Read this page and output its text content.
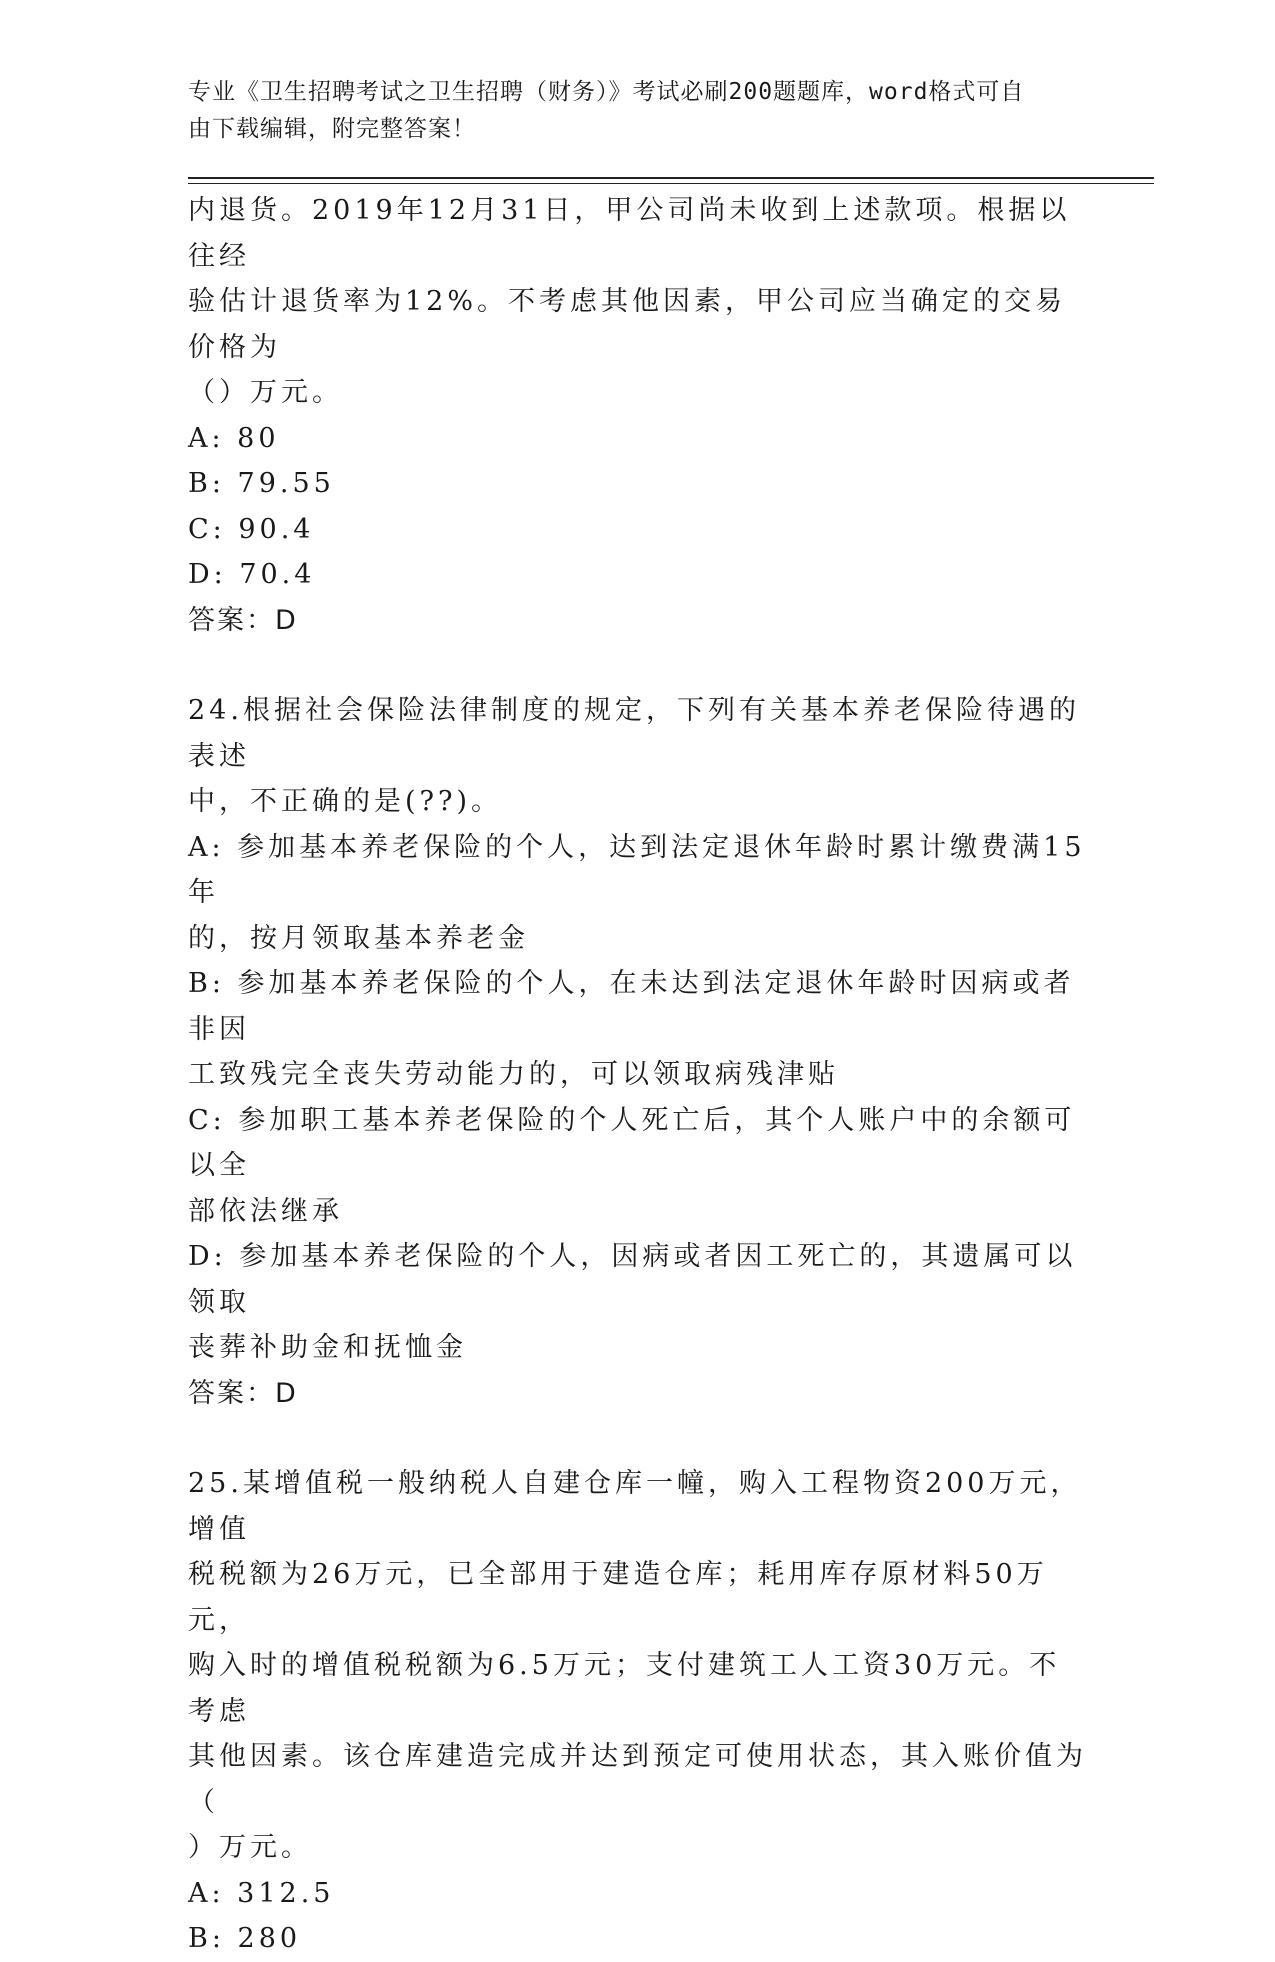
专业《卫生招聘考试之卫生招聘（财务）》考试必刷200题题库，word格式可自
由下载编辑，附完整答案！

内退货。2019年12月31日，甲公司尚未收到上述款项。根据以往经

验估计退货率为12%。不考虑其他因素，甲公司应当确定的交易价格为

（）万元。

A: 80

B: 79.55

C: 90.4

D: 70.4

答案：D

24.根据社会保险法律制度的规定，下列有关基本养老保险待遇的表述

中，不正确的是(??)。

A: 参加基本养老保险的个人，达到法定退休年龄时累计缴费满15年

的，按月领取基本养老金

B: 参加基本养老保险的个人，在未达到法定退休年龄时因病或者非因

工致残完全丧失劳动能力的，可以领取病残津贴

C: 参加职工基本养老保险的个人死亡后，其个人账户中的余额可以全

部依法继承

D: 参加基本养老保险的个人，因病或者因工死亡的，其遗属可以领取

丧葬补助金和抚恤金

答案：D

25.某增值税一般纳税人自建仓库一幢，购入工程物资200万元，增值

税税额为26万元，已全部用于建造仓库；耗用库存原材料50万元，

购入时的增值税税额为6.5万元；支付建筑工人工资30万元。不考虑

其他因素。该仓库建造完成并达到预定可使用状态，其入账价值为（

）万元。

A: 312.5

B: 280
